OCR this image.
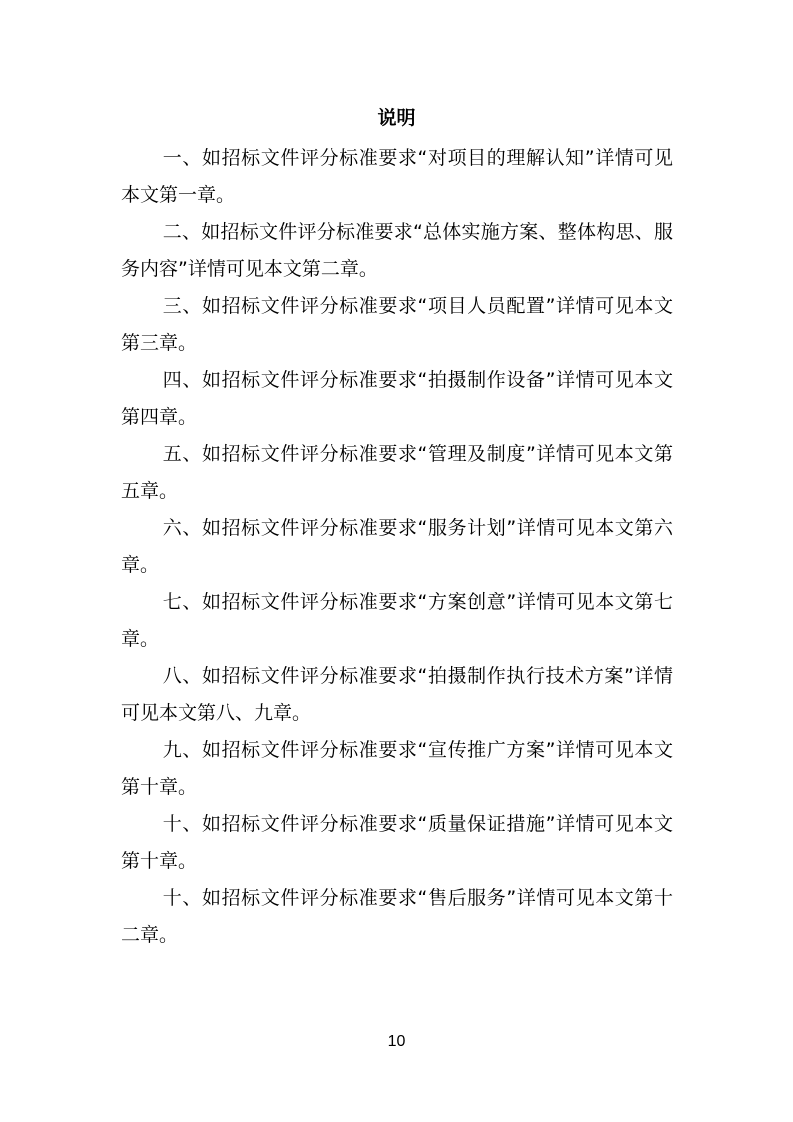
说明

一、如招标文件评分标准要求“对项目的理解认知”详情可见本文第一章。

二、如招标文件评分标准要求“总体实施方案、整体构思、服务内容”详情可见本文第二章。

三、如招标文件评分标准要求“项目人员配置”详情可见本文第三章。

四、如招标文件评分标准要求“拍摄制作设备”详情可见本文第四章。

五、如招标文件评分标准要求“管理及制度”详情可见本文第五章。

六、如招标文件评分标准要求“服务计划”详情可见本文第六章。

七、如招标文件评分标准要求“方案创意”详情可见本文第七章。

八、如招标文件评分标准要求“拍摄制作执行技术方案”详情可见本文第八、九章。

九、如招标文件评分标准要求“宣传推广方案”详情可见本文第十章。

十、如招标文件评分标准要求“质量保证措施”详情可见本文第十章。

十、如招标文件评分标准要求“售后服务”详情可见本文第十二章。

10
